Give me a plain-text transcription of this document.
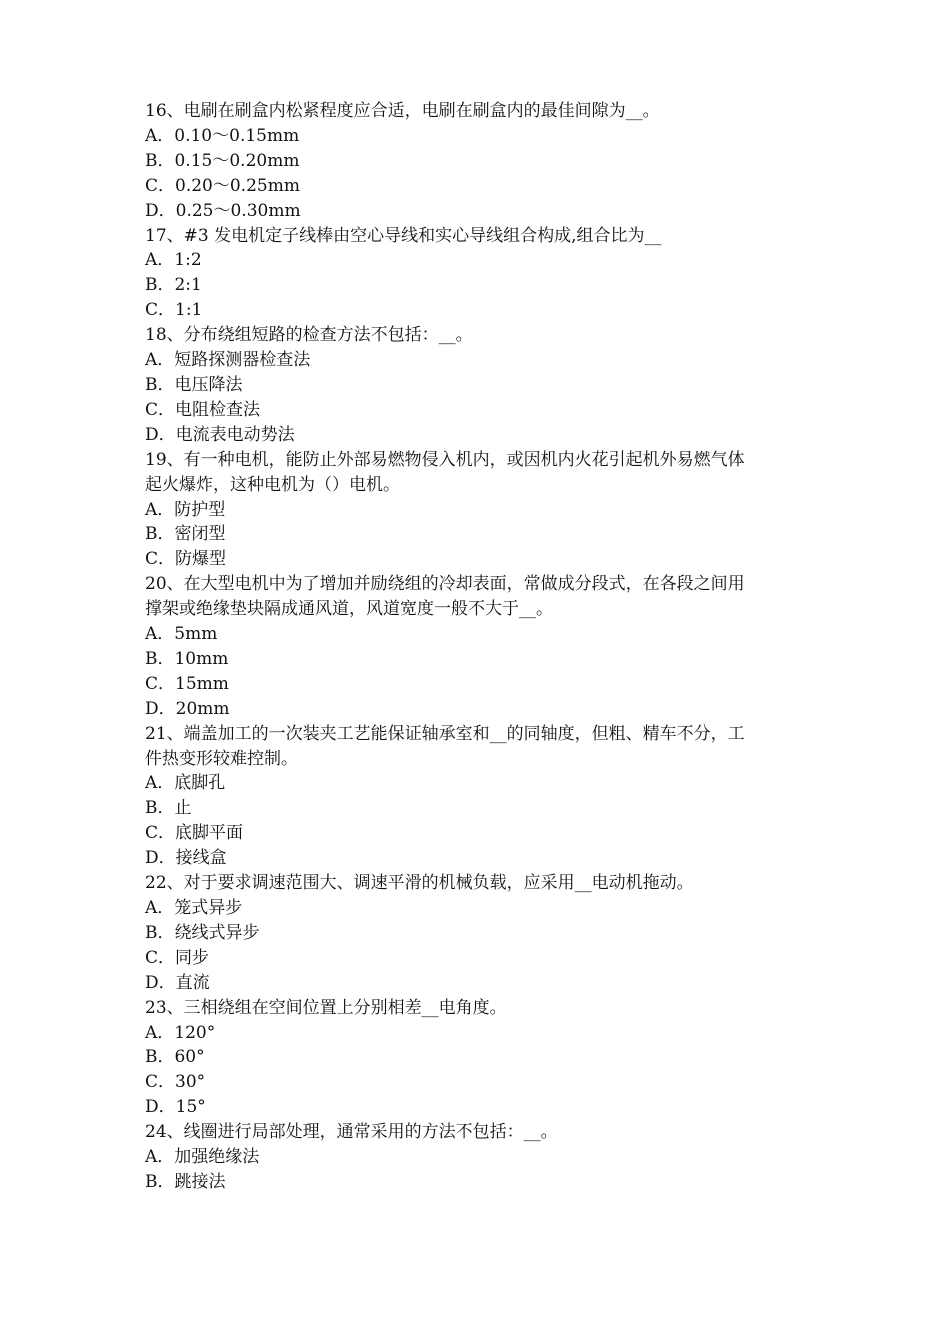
16、电刷在刷盒内松紧程度应合适，电刷在刷盒内的最佳间隙为__。

A．0.10～0.15mm

B．0.15～0.20mm

C．0.20～0.25mm

D．0.25～0.30mm

17、#3 发电机定子线棒由空心导线和实心导线组合构成,组合比为__

A．1:2

B．2:1

C．1:1

18、分布绕组短路的检查方法不包括：__。

A．短路探测器检查法

B．电压降法

C．电阻检查法

D．电流表电动势法

19、有一种电机，能防止外部易燃物侵入机内，或因机内火花引起机外易燃气体

起火爆炸，这种电机为（）电机。

A．防护型

B．密闭型

C．防爆型

20、在大型电机中为了增加并励绕组的冷却表面，常做成分段式，在各段之间用

撑架或绝缘垫块隔成通风道，风道宽度一般不大于__。

A．5mm

B．10mm

C．15mm

D．20mm

21、端盖加工的一次装夹工艺能保证轴承室和__的同轴度，但粗、精车不分，工

件热变形较难控制。

A．底脚孔

B．止

C．底脚平面

D．接线盒

22、对于要求调速范围大、调速平滑的机械负载，应采用__电动机拖动。

A．笼式异步

B．绕线式异步

C．同步

D．直流

23、三相绕组在空间位置上分别相差__电角度。

A．120°

B．60°

C．30°

D．15°

24、线圈进行局部处理，通常采用的方法不包括：__。

A．加强绝缘法

B．跳接法
